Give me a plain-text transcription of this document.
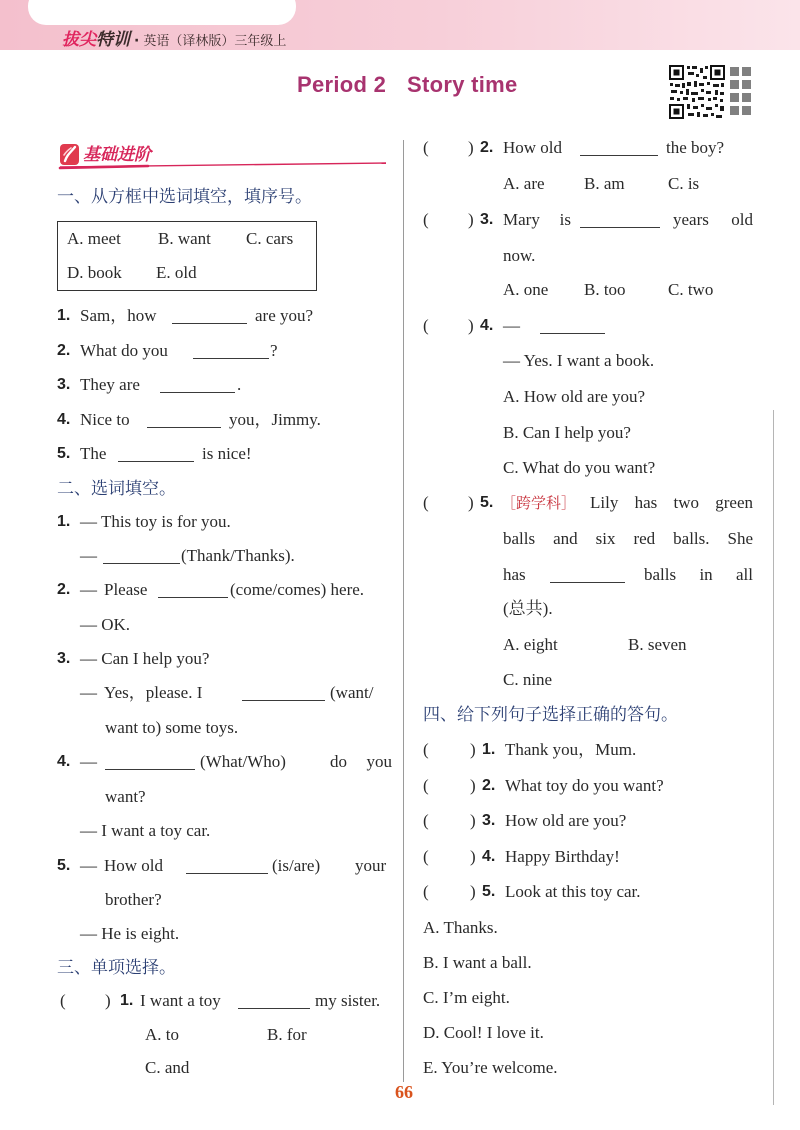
拔尖特训 · 英语（译林版）三年级上
Period 2 Story time
基础进阶
一、从方框中选词填空，填序号。
A. meet B. want C. cars
D. book E. old
1. Sam，how	are you?
2. What do you	?
3. They are	.
4. Nice to	you，Jimmy.
5. The	is nice!
二、选词填空。
1. — This toy is for you.
—	(Thank/Thanks).
2. — Please	(come/comes) here.
— OK.
3. — Can I help you?
— Yes，please. I	(want/
want to) some toys.
4. —	(What/Who)	do you
want?
— I want a toy car.
5. — How old	(is/are) your
brother?
— He is eight.
三、单项选择。
( ) 1. I want a toy	my sister.
A. to	B. for
C. and
( ) 2. How old	the boy?
A. are B. am	C. is
( ) 3. Mary is	years old
now.
A. one B. too C. two
( ) 4. —
— Yes. I want a book.
A. How old are you?
B. Can I help you?
C. What do you want?
( ) 5. ［跨学科］ Lily has two green
balls and six red balls. She
has	balls in all
(总共).
A. eight	B. seven
C. nine
四、给下列句子选择正确的答句。
( ) 1. Thank you，Mum.
( ) 2. What toy do you want?
( ) 3. How old are you?
( ) 4. Happy Birthday!
( ) 5. Look at this toy car.
A. Thanks.
B. I want a ball.
C. I’m eight.
D. Cool! I love it.
E. You’re welcome.
66
